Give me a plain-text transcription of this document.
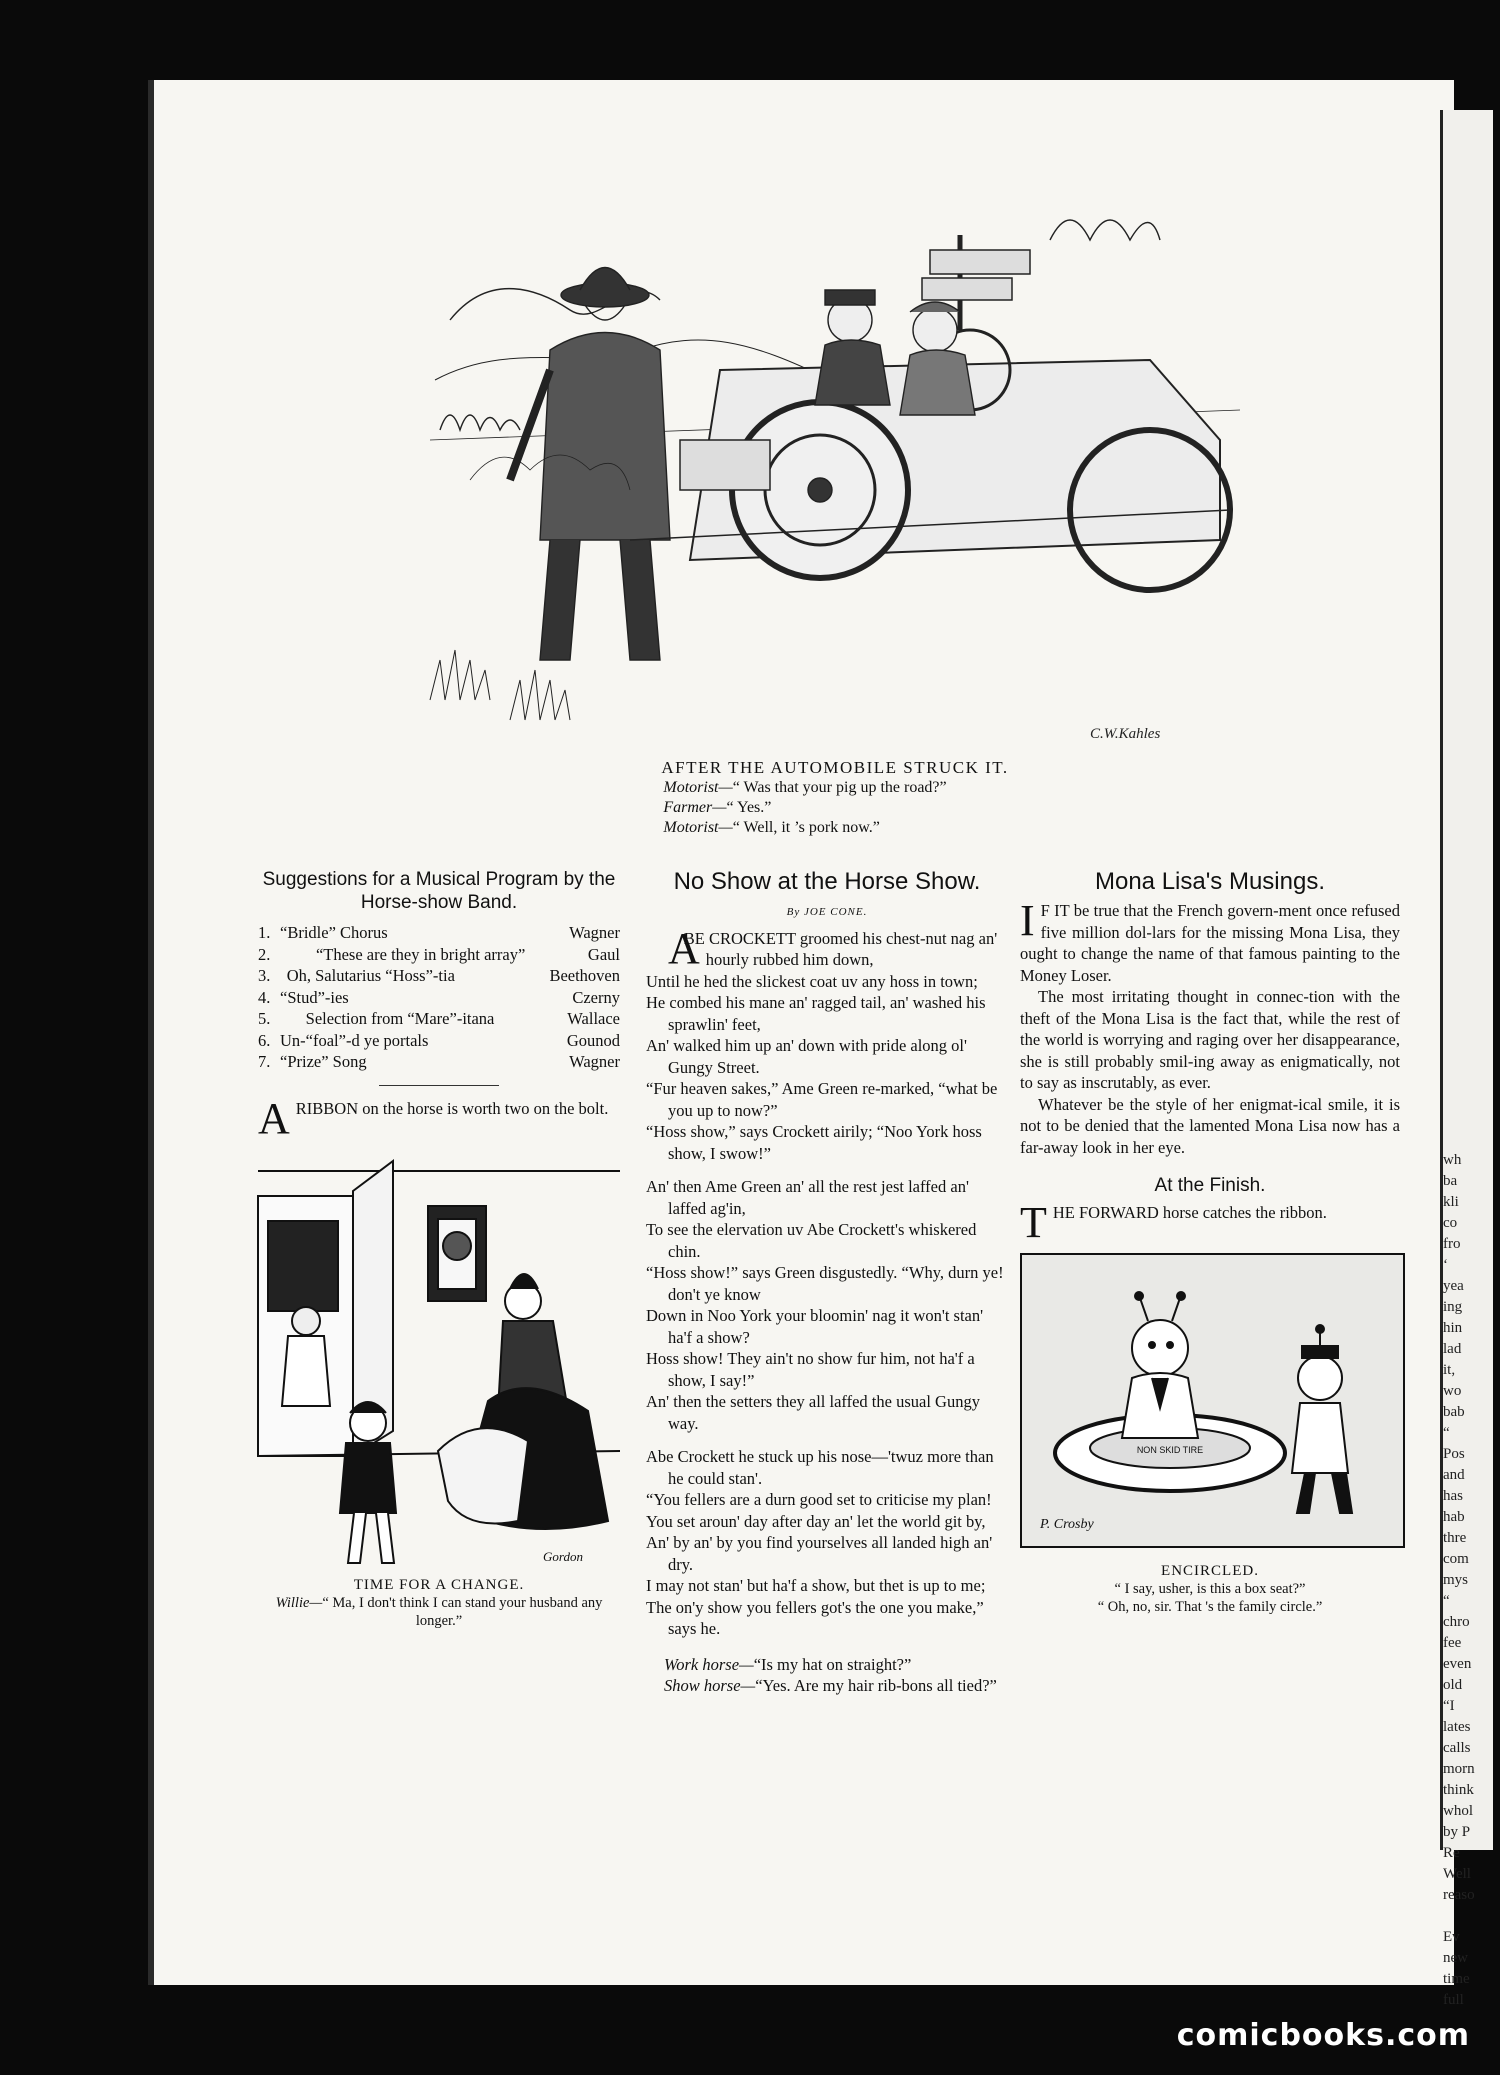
wh
ba
kli
co
fro
‘
yea
ing
hin
lad
it,
wo
bab
“
Pos
and
has
hab
thre
com
mys
“
chro
fee
even
old
“I
lates
calls
morn
think
whol
by P
Re
Well
reaso

Ev
new
time
full
C.W.Kahles
AFTER THE AUTOMOBILE STRUCK IT.
Motorist—“ Was that your pig up the road?”
Farmer—“ Yes.”
Motorist—“ Well, it ’s pork now.”
Suggestions for a Musical Program by the Horse-show Band.
1. “Bridle” Chorus	Wagner
2.	“These are they in bright array”	Gaul
3. Oh, Salutarius “Hoss”-tia	Beethoven
4. “Stud”-ies	Czerny
5.	Selection from “Mare”-itana	Wallace
6. Un-“foal”-d ye portals	Gounod
7. “Prize” Song	Wagner
ARIBBON on the horse is worth two on the bolt.
Gordon
TIME FOR A CHANGE.
Willie—“ Ma, I don't think I can stand your husband any longer.”
No Show at the Horse Show.
By JOE CONE.

A
BE CROCKETT groomed his chest-nut nag an' hourly rubbed him down,

Until he hed the slickest coat uv any hoss in town;

He combed his mane an' ragged tail, an' washed his sprawlin' feet,

An' walked him up an' down with pride along ol' Gungy Street.

“Fur heaven sakes,” Ame Green re-marked, “what be you up to now?”

“Hoss show,” says Crockett airily; “Noo York hoss show, I swow!”

An' then Ame Green an' all the rest jest laffed an' laffed ag'in,

To see the elervation uv Abe Crockett's whiskered chin.

“Hoss show!” says Green disgustedly. “Why, durn ye! don't ye know

Down in Noo York your bloomin' nag it won't stan' ha'f a show?

Hoss show! They ain't no show fur him, not ha'f a show, I say!”

An' then the setters they all laffed the usual Gungy way.

Abe Crockett he stuck up his nose—'twuz more than he could stan'.

“You fellers are a durn good set to criticise my plan!

You set aroun' day after day an' let the world git by,

An' by an' by you find yourselves all landed high an' dry.

I may not stan' but ha'f a show, but thet is up to me;

The on'y show you fellers got's the one you make,” says he.

Work horse—“Is my hat on straight?”

Show horse—“Yes. Are my hair rib-bons all tied?”

Mona Lisa's Musings.

I F IT be true that the French govern-ment once refused five million dol-lars for the missing Mona Lisa, they ought to change the name of that famous painting to the Money Loser.

The most irritating thought in connec-tion with the theft of the Mona Lisa is the fact that, while the rest of the world is worrying and raging over her disappearance, she is still probably smil-ing away as enigmatically, not to say as inscrutably, as ever.

Whatever be the style of her enigmat-ical smile, it is not to be denied that the lamented Mona Lisa now has a far-away look in her eye.

At the Finish.
THE FORWARD horse catches the ribbon.
NON SKID TIRE
P. Crosby
ENCIRCLED.
“ I say, usher, is this a box seat?”
“ Oh, no, sir. That 's the family circle.”
comicbooks.com
